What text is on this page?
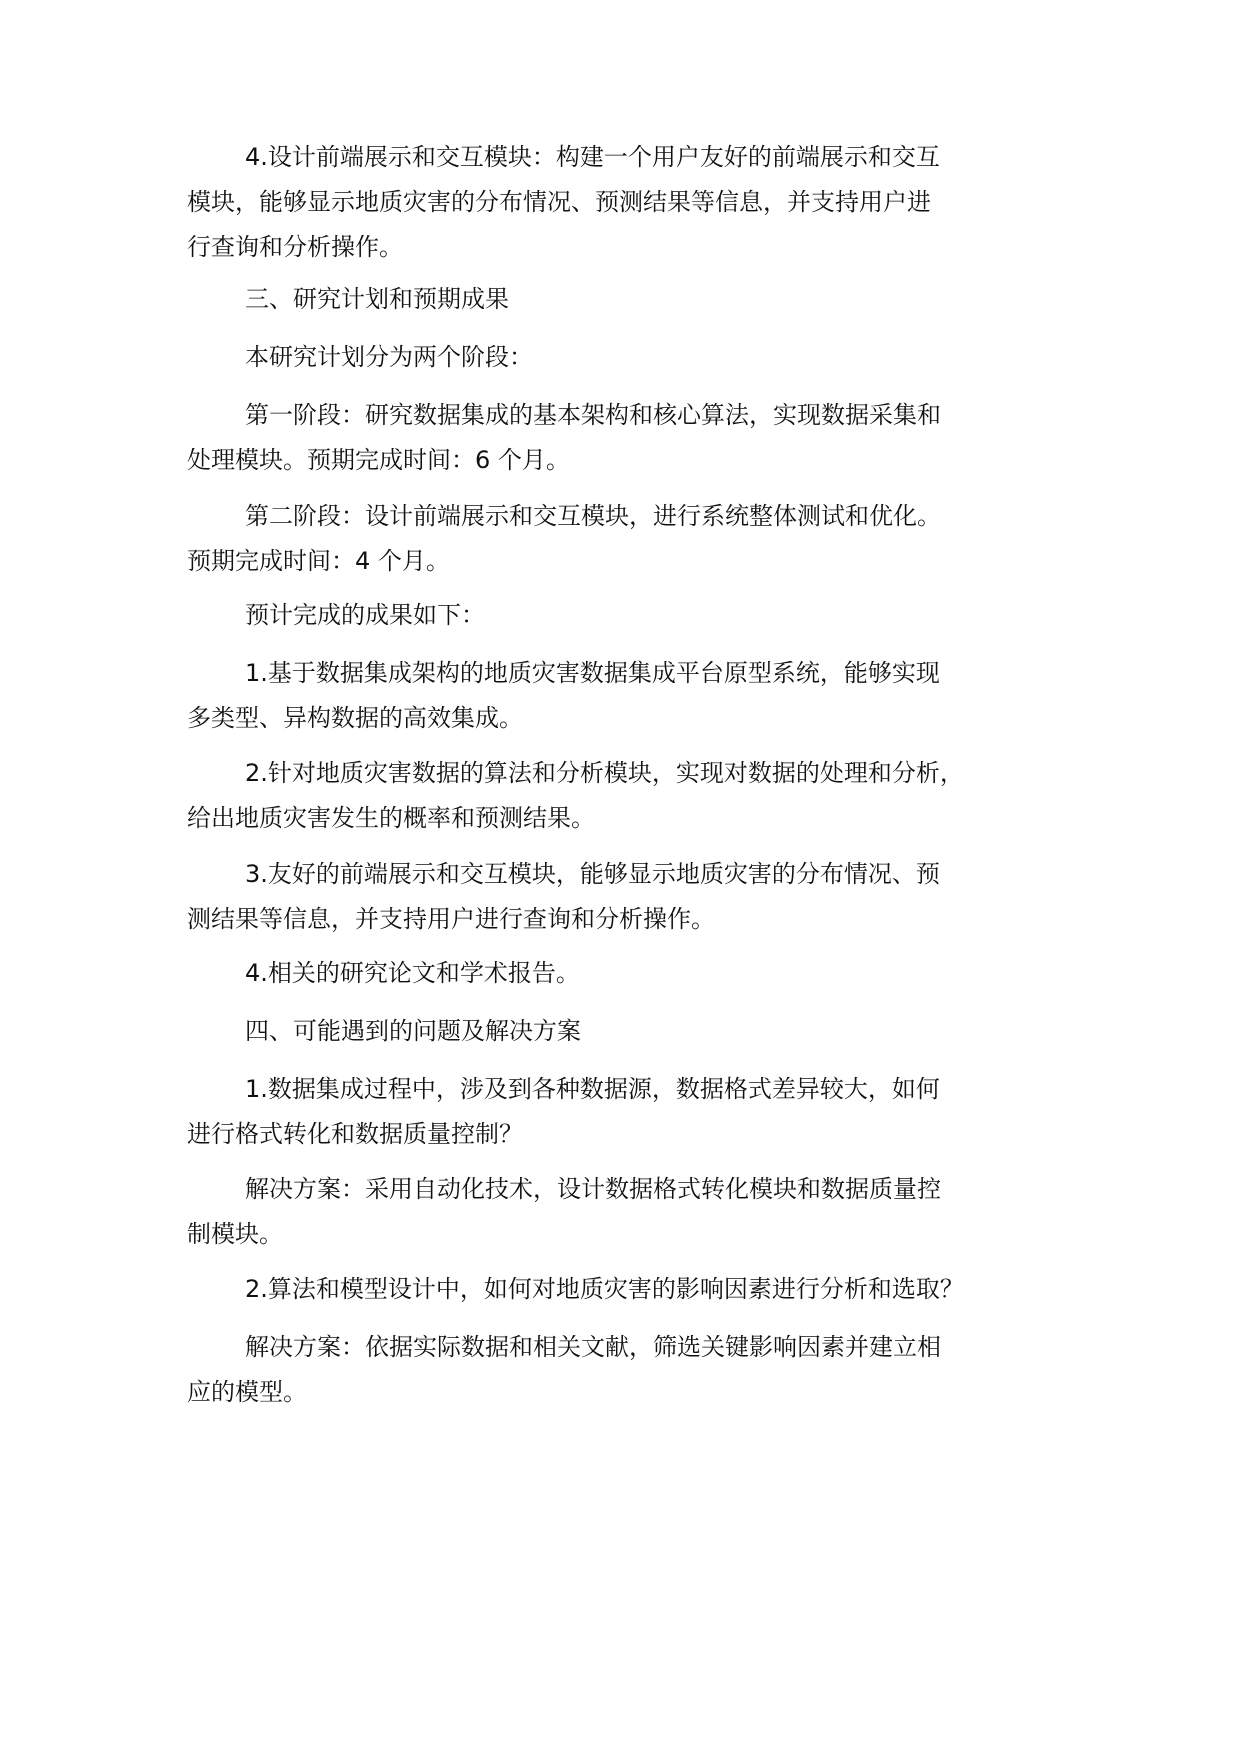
4.设计前端展示和交互模块：构建一个用户友好的前端展示和交互
模块，能够显示地质灾害的分布情况、预测结果等信息，并支持用户进
行查询和分析操作。

三、研究计划和预期成果

本研究计划分为两个阶段：

第一阶段：研究数据集成的基本架构和核心算法，实现数据采集和
处理模块。预期完成时间：6 个月。

第二阶段：设计前端展示和交互模块，进行系统整体测试和优化。
预期完成时间：4 个月。

预计完成的成果如下：

1.基于数据集成架构的地质灾害数据集成平台原型系统，能够实现
多类型、异构数据的高效集成。

2.针对地质灾害数据的算法和分析模块，实现对数据的处理和分析，
给出地质灾害发生的概率和预测结果。

3.友好的前端展示和交互模块，能够显示地质灾害的分布情况、预
测结果等信息，并支持用户进行查询和分析操作。

4.相关的研究论文和学术报告。

四、可能遇到的问题及解决方案

1.数据集成过程中，涉及到各种数据源，数据格式差异较大，如何
进行格式转化和数据质量控制？

解决方案：采用自动化技术，设计数据格式转化模块和数据质量控
制模块。

2.算法和模型设计中，如何对地质灾害的影响因素进行分析和选取？

解决方案：依据实际数据和相关文献，筛选关键影响因素并建立相
应的模型。
